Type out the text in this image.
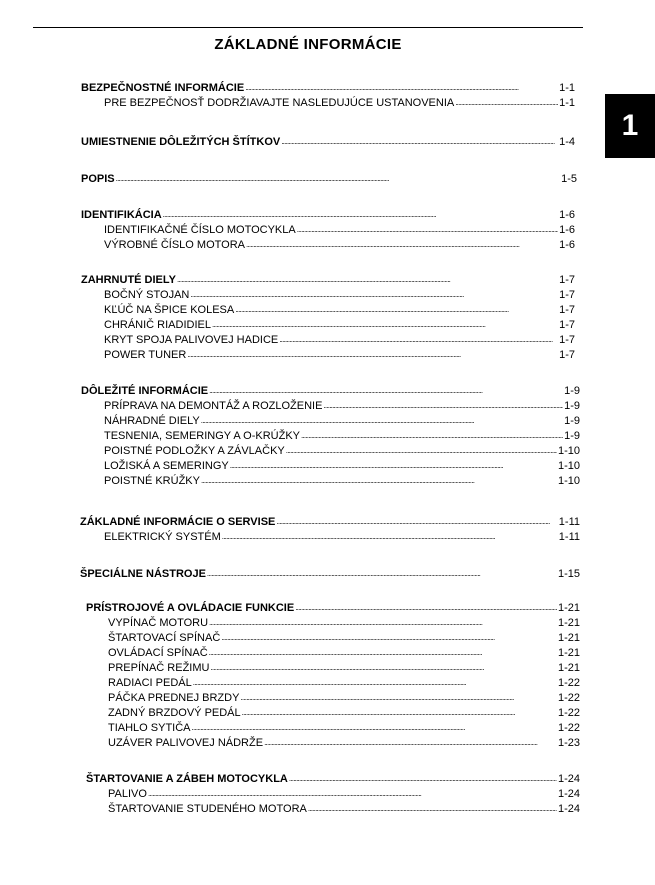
ZÁKLADNÉ INFORMÁCIE
1
BEZPEČNOSTNÉ INFORMÁCIE . . .	1-1
PRE BEZPEČNOSŤ DODRŽIAVAJTE NASLEDUJÚCE USTANOVENIA . . .	1-1
UMIESTNENIE DÔLEŽITÝCH ŠTÍTKOV . . .	1-4
POPIS . . .	1-5
IDENTIFIKÁCIA . . .	1-6
IDENTIFIKAČNÉ ČÍSLO MOTOCYKLA . . .	1-6
VÝROBNÉ ČÍSLO MOTORA . . .	1-6
ZAHRNUTÉ DIELY . . .	1-7
BOČNÝ STOJAN . . .	1-7
KĽÚČ NA ŠPICE KOLESA . . .	1-7
CHRÁNIČ RIADIDIEL . . .	1-7
KRYT SPOJA PALIVOVEJ HADICE . . .	1-7
POWER TUNER . . .	1-7
DÔLEŽITÉ INFORMÁCIE . . .	1-9
PRÍPRAVA NA DEMONTÁŽ A ROZLOŽENIE . . .	1-9
NÁHRADNÉ DIELY . . .	1-9
TESNENIA, SEMERINGY A O-KRÚŽKY . . .	1-9
POISTNÉ PODLOŽKY A ZÁVLAČKY . . .	1-10
LOŽISKÁ A SEMERINGY . . .	1-10
POISTNÉ KRÚŽKY . . .	1-10
ZÁKLADNÉ INFORMÁCIE O SERVISE . . .	1-11
ELEKTRICKÝ SYSTÉM . . .	1-11
ŠPECIÁLNE NÁSTROJE . . .	1-15
PRÍSTROJOVÉ A OVLÁDACIE FUNKCIE . . .	1-21
VYPÍNAČ MOTORU . . .	1-21
ŠTARTOVACÍ SPÍNAČ . . .	1-21
OVLÁDACÍ SPÍNAČ . . .	1-21
PREPÍNAČ REŽIMU . . .	1-21
RADIACI PEDÁL . . .	1-22
PÁČKA PREDNEJ BRZDY . . .	1-22
ZADNÝ BRZDOVÝ PEDÁL . . .	1-22
TIAHLO SYTIČA . . .	1-22
UZÁVER PALIVOVEJ NÁDRŽE . . .	1-23
ŠTARTOVANIE A ZÁBEH MOTOCYKLA . . .	1-24
PALIVO . . .	1-24
ŠTARTOVANIE STUDENÉHO MOTORA . . .	1-24
